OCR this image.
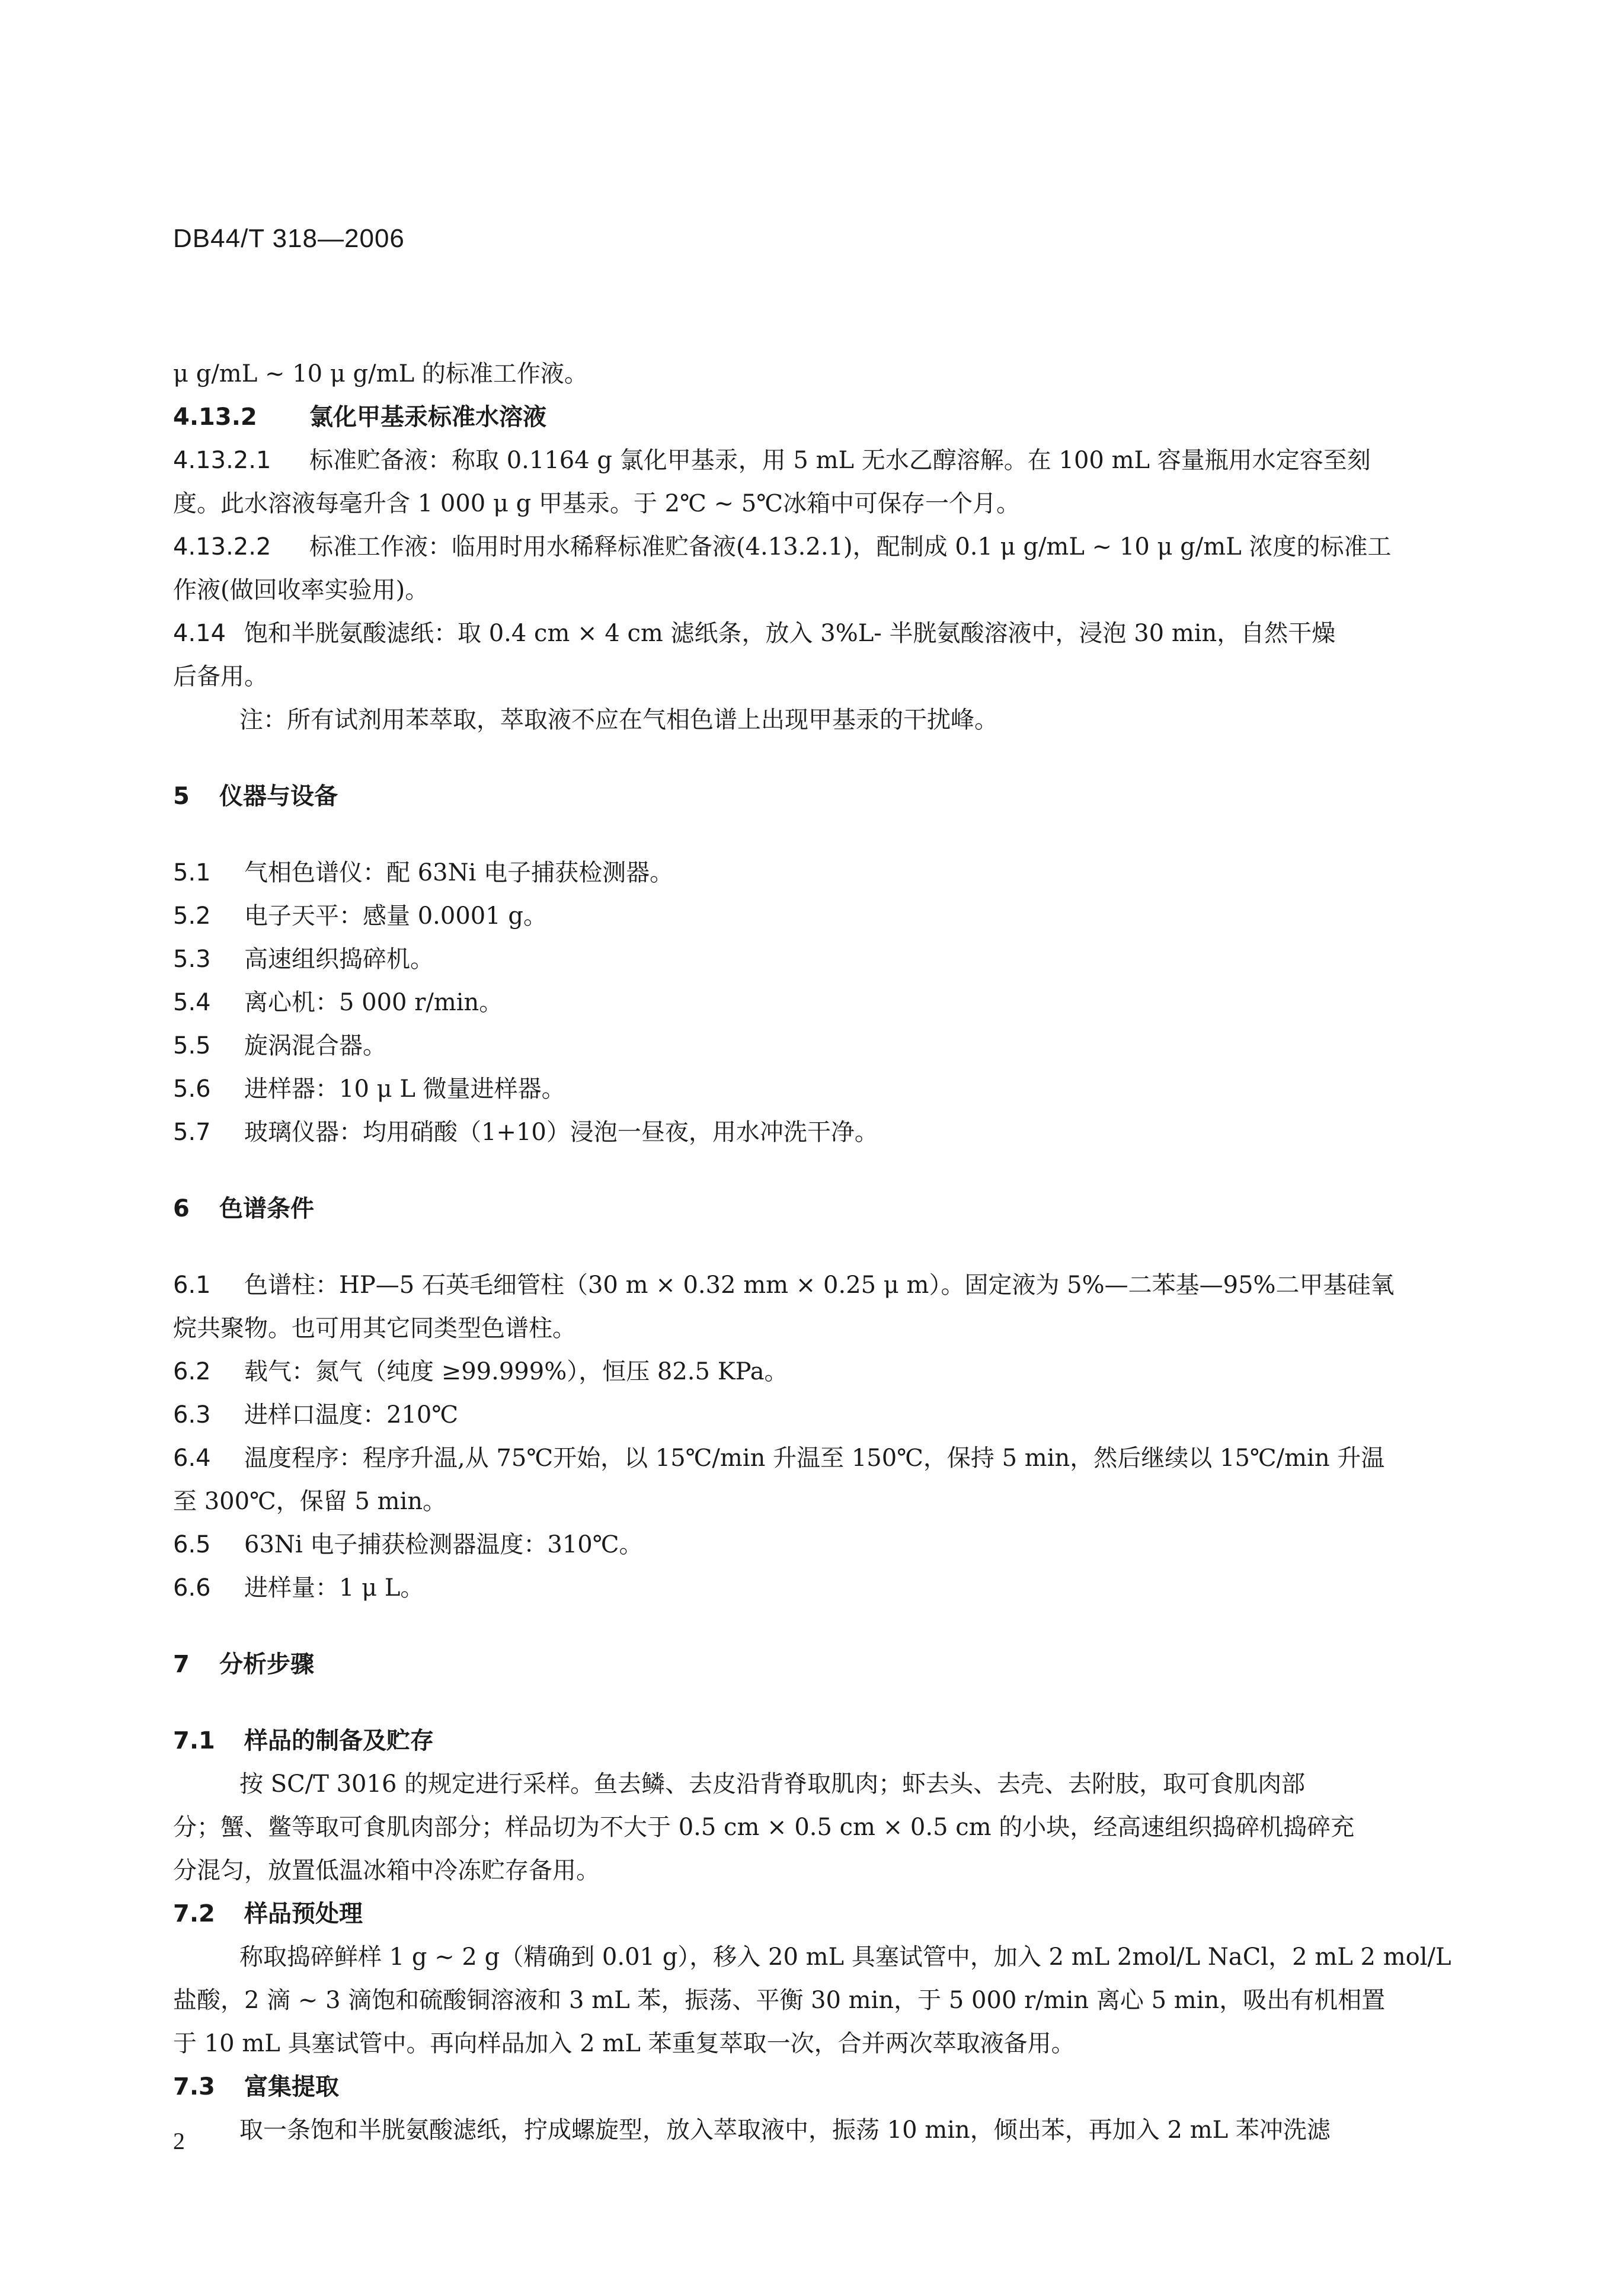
DB44/T 318—2006
μ g/mL ~ 10 μ g/mL 的标准工作液。
4.13.2 氯化甲基汞标准水溶液
4.13.2.1 标准贮备液：称取 0.1164 g 氯化甲基汞，用 5 mL 无水乙醇溶解。在 100 mL 容量瓶用水定容至刻
度。此水溶液每毫升含 1 000 μ g 甲基汞。于 2℃ ~ 5℃冰箱中可保存一个月。
4.13.2.2 标准工作液：临用时用水稀释标准贮备液(4.13.2.1)，配制成 0.1 μ g/mL ~ 10 μ g/mL 浓度的标准工
作液(做回收率实验用)。
4.14 饱和半胱氨酸滤纸：取 0.4 cm × 4 cm 滤纸条，放入 3%L- 半胱氨酸溶液中，浸泡 30 min，自然干燥
后备用。
注：所有试剂用苯萃取，萃取液不应在气相色谱上出现甲基汞的干扰峰。
5 仪器与设备
5.1 气相色谱仪：配 63Ni 电子捕获检测器。
5.2 电子天平：感量 0.0001 g。
5.3 高速组织捣碎机。
5.4 离心机：5 000 r/min。
5.5 旋涡混合器。
5.6 进样器：10 μ L 微量进样器。
5.7 玻璃仪器：均用硝酸（1+10）浸泡一昼夜，用水冲洗干净。
6 色谱条件
6.1 色谱柱：HP—5 石英毛细管柱（30 m × 0.32 mm × 0.25 μ m）。固定液为 5%—二苯基—95%二甲基硅氧
烷共聚物。也可用其它同类型色谱柱。
6.2 载气：氮气（纯度 ≥99.999%），恒压 82.5 KPa。
6.3 进样口温度：210℃
6.4 温度程序：程序升温,从 75℃开始，以 15℃/min 升温至 150℃，保持 5 min，然后继续以 15℃/min 升温
至 300℃，保留 5 min。
6.5 63Ni 电子捕获检测器温度：310℃。
6.6 进样量：1 μ L。
7 分析步骤
7.1 样品的制备及贮存
按 SC/T 3016 的规定进行采样。鱼去鳞、去皮沿背脊取肌肉；虾去头、去壳、去附肢，取可食肌肉部
分；蟹、鳖等取可食肌肉部分；样品切为不大于 0.5 cm × 0.5 cm × 0.5 cm 的小块，经高速组织捣碎机捣碎充
分混匀，放置低温冰箱中冷冻贮存备用。
7.2 样品预处理
称取捣碎鲜样 1 g ~ 2 g（精确到 0.01 g），移入 20 mL 具塞试管中，加入 2 mL 2mol/L NaCl，2 mL 2 mol/L
盐酸，2 滴 ~ 3 滴饱和硫酸铜溶液和 3 mL 苯，振荡、平衡 30 min，于 5 000 r/min 离心 5 min，吸出有机相置
于 10 mL 具塞试管中。再向样品加入 2 mL 苯重复萃取一次，合并两次萃取液备用。
7.3 富集提取
取一条饱和半胱氨酸滤纸，拧成螺旋型，放入萃取液中，振荡 10 min，倾出苯，再加入 2 mL 苯冲洗滤
2
